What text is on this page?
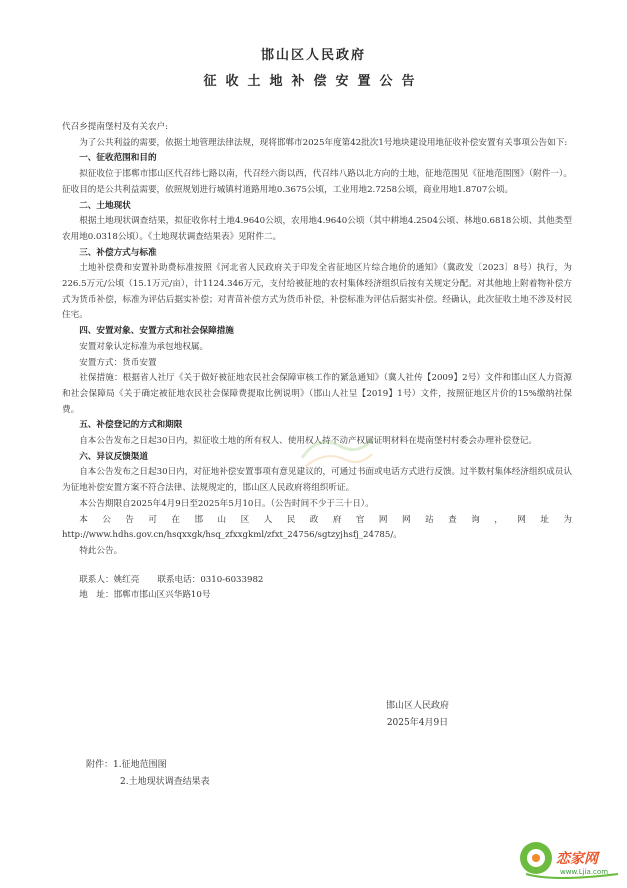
邯山区人民政府
征收土地补偿安置公告

代召乡提南堡村及有关农户:

为了公共利益的需要，依据土地管理法律法规，现将邯郸市2025年度第42批次1号地块建设用地征收补偿安置有关事项公告如下:

一、征收范围和目的

拟征收位于邯郸市邯山区代召纬七路以南，代召经六街以西，代召纬八路以北方向的土地，征地范围见《征地范围图》（附件一）。征收目的是公共利益需要，依照规划进行城镇村道路用地0.3675公顷，工业用地2.7258公顷，商业用地1.8707公顷。

二、土地现状

根据土地现状调查结果，拟征收你村土地4.9640公顷，农用地4.9640公顷（其中耕地4.2504公顷、林地0.6818公顷、其他类型农用地0.0318公顷）。《土地现状调查结果表》见附件二。

三、补偿方式与标准

土地补偿费和安置补助费标准按照《河北省人民政府关于印发全省征地区片综合地价的通知》（冀政发〔2023〕8号）执行，为226.5万元/公顷（15.1万元/亩），计1124.346万元，支付给被征地的农村集体经济组织后按有关规定分配。对其他地上附着物补偿方式为货币补偿，标准为评估后据实补偿；对青苗补偿方式为货币补偿，补偿标准为评估后据实补偿。经确认，此次征收土地不涉及村民住宅。

四、安置对象、安置方式和社会保障措施

安置对象认定标准为承包地权属。

安置方式：货币安置

社保措施：根据省人社厅《关于做好被征地农民社会保障审核工作的紧急通知》（冀人社传【2009】2号）文件和邯山区人力资源和社会保障局《关于确定被征地农民社会保障费提取比例说明》（邯山人社呈【2019】1号）文件，按照征地区片价的15%缴纳社保费。

五、补偿登记的方式和期限

自本公告发布之日起30日内，拟征收土地的所有权人、使用权人持不动产权属证明材料在堤南堡村村委会办理补偿登记。

六、异议反馈渠道

自本公告发布之日起30日内，对征地补偿安置事项有意见建议的，可通过书面或电话方式进行反馈。过半数村集体经济组织成员认为征地补偿安置方案不符合法律、法规规定的，邯山区人民政府将组织听证。

本公告期限自2025年4月9日至2025年5月10日。（公告时间不少于三十日）。

本 公 告 可 在 邯 山 区 人 民 政 府 官 网 网 站 查 询 ， 网 址 为

http://www.hdhs.gov.cn/hsqxxgk/hsq_zfxxgkml/zfxt_24756/sgtzyjhsfj_24785/。

特此公告。

联系人：姚红亮 联系电话：0310-6033982
地　址：邯郸市邯山区兴华路10号
邯山区人民政府
2025年4月9日
附件：1.征地范围图
2.土地现状调查结果表
恋家网
www.Ljia.com
